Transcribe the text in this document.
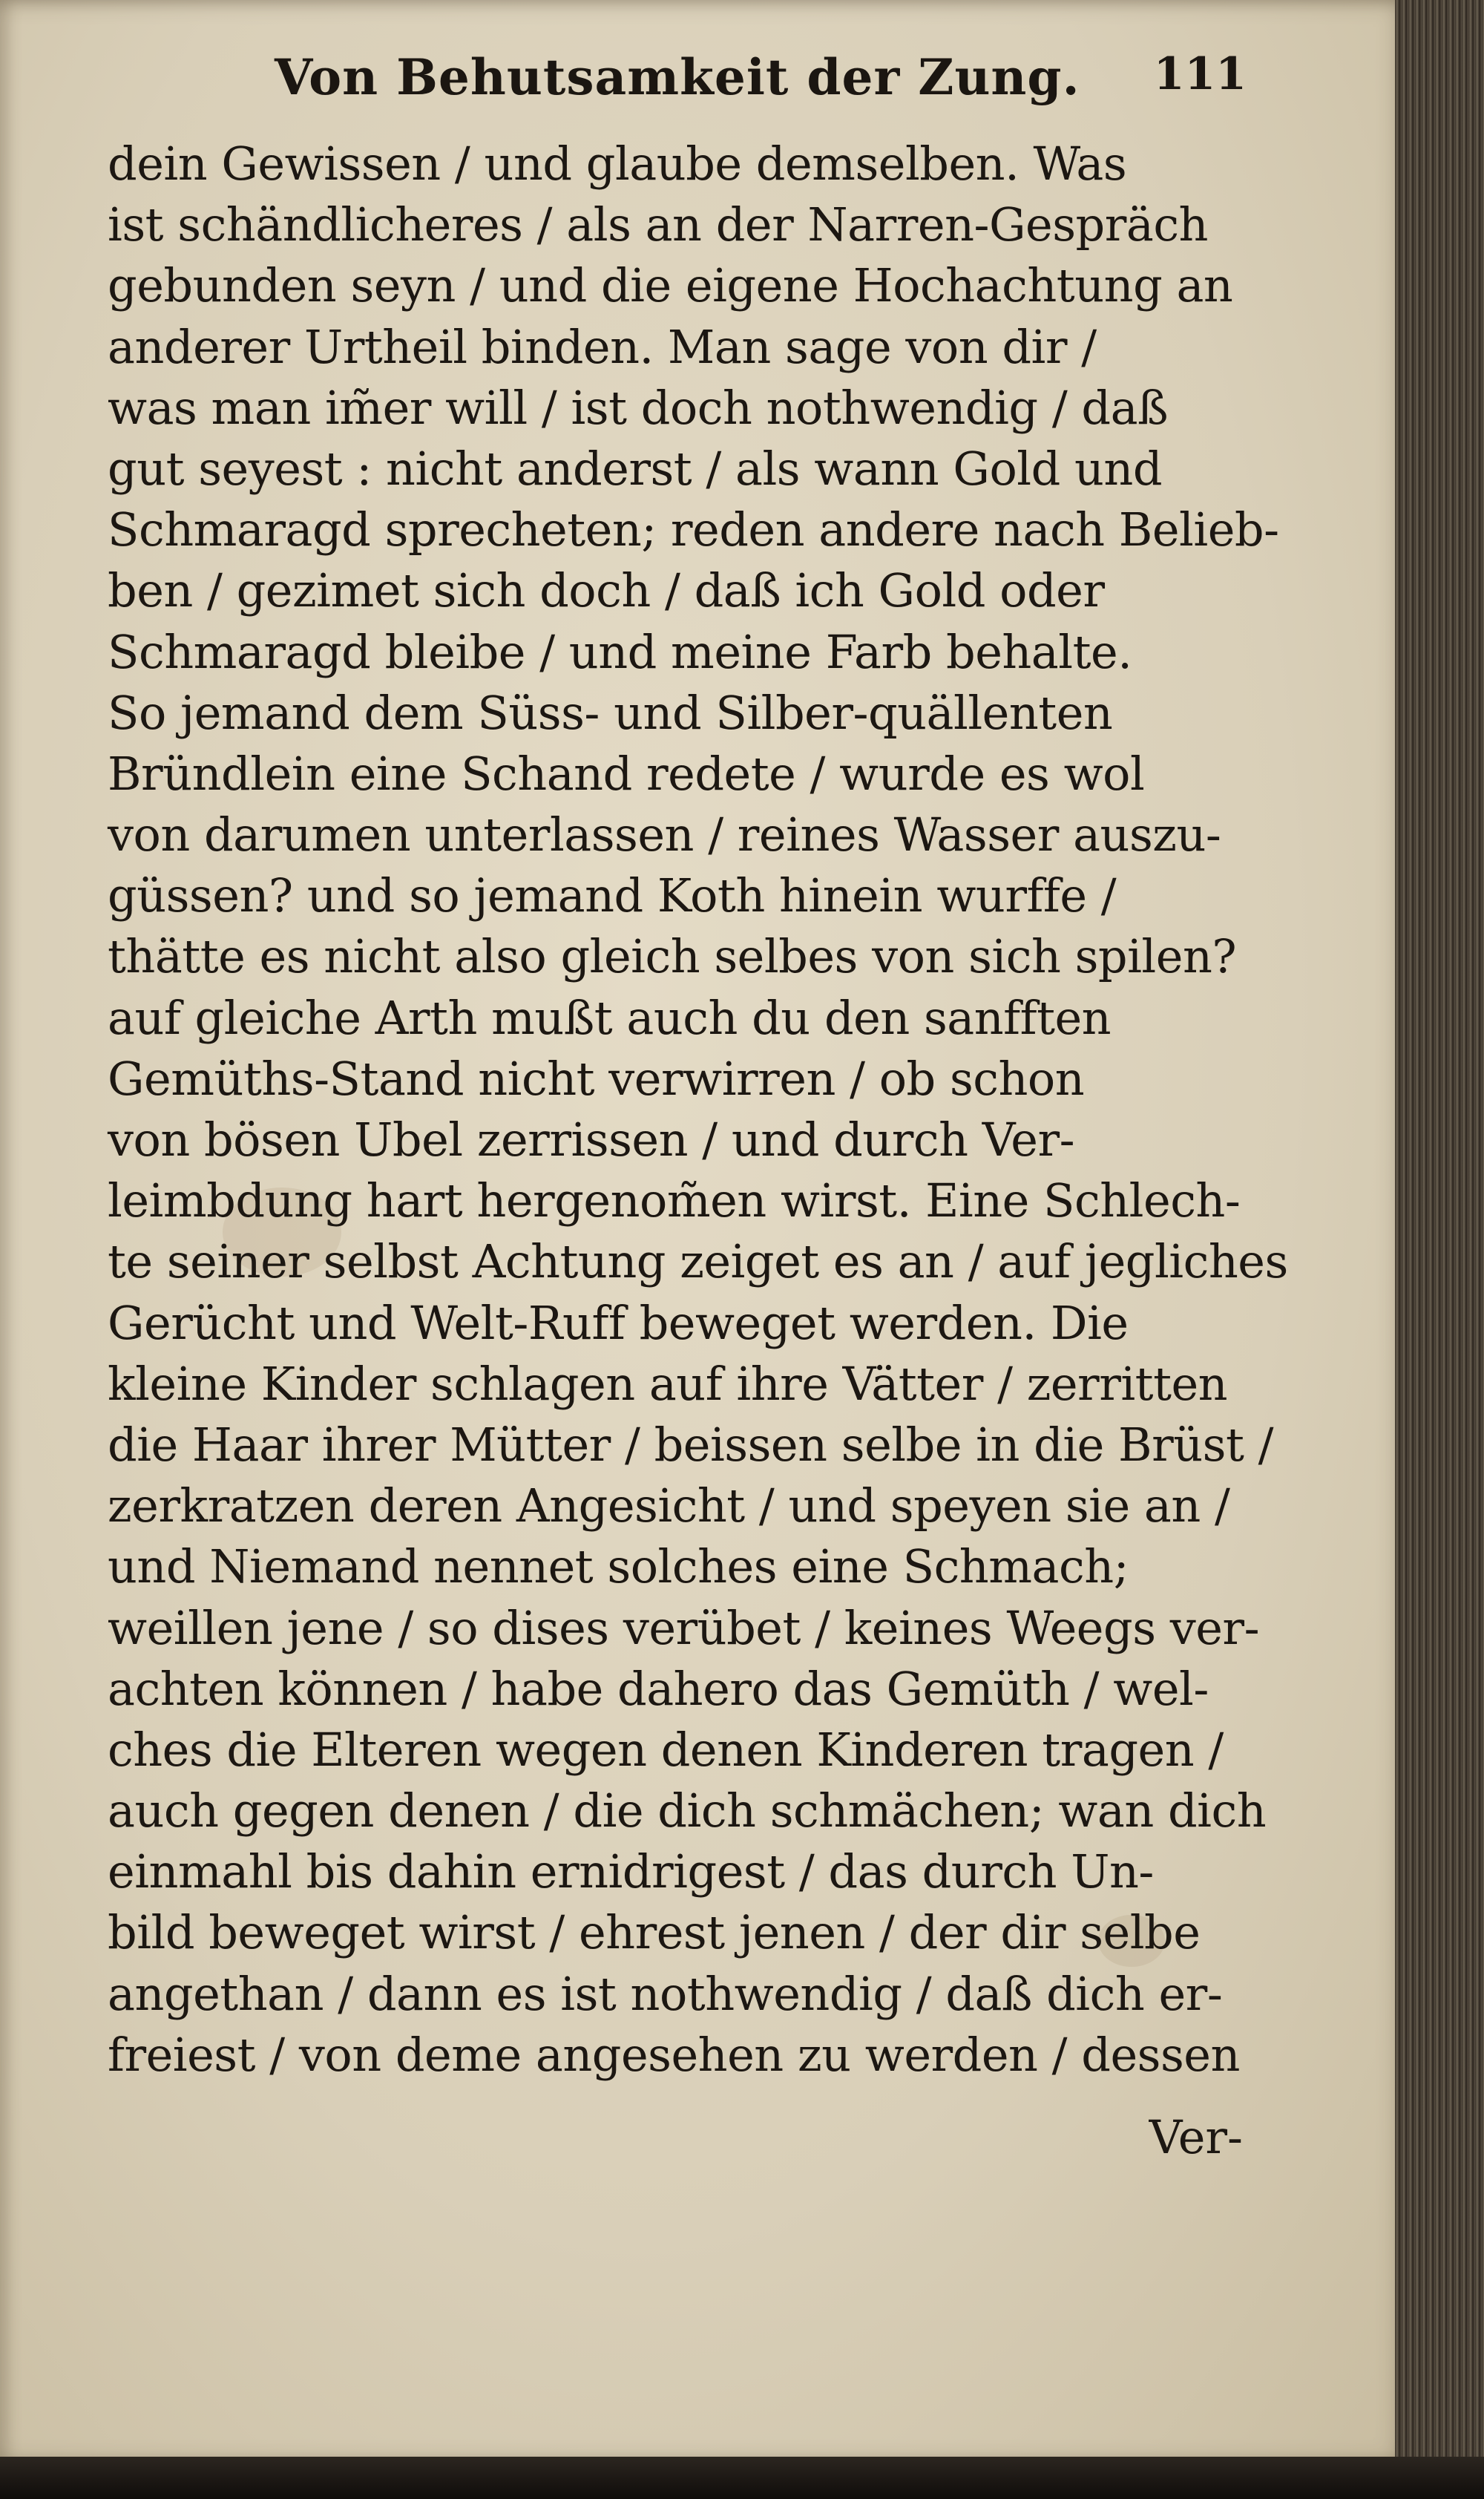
Von Behutsamkeit der Zung. 111
dein Gewissen / und glaube demselben. Was
ist schändlicheres / als an der Narren-Gespräch
gebunden seyn / und die eigene Hochachtung an
anderer Urtheil binden. Man sage von dir /
was man im̃er will / ist doch nothwendig / daß
gut seyest : nicht anderst / als wann Gold und
Schmaragd sprecheten; reden andere nach Belieb-
ben / gezimet sich doch / daß ich Gold oder
Schmaragd bleibe / und meine Farb behalte.
So jemand dem Süss- und Silber-quällenten
Bründlein eine Schand redete / wurde es wol
von darumen unterlassen / reines Wasser auszu-
güssen? und so jemand Koth hinein wurffe /
thätte es nicht also gleich selbes von sich spilen?
auf gleiche Arth mußt auch du den sanfften
Gemüths-Stand nicht verwirren / ob schon
von bösen Ubel zerrissen / und durch Ver-
leimbdung hart hergenom̃en wirst. Eine Schlech-
te seiner selbst Achtung zeiget es an / auf jegliches
Gerücht und Welt-Ruff beweget werden. Die
kleine Kinder schlagen auf ihre Vätter / zerritten
die Haar ihrer Mütter / beissen selbe in die Brüst /
zerkratzen deren Angesicht / und speyen sie an /
und Niemand nennet solches eine Schmach;
weillen jene / so dises verübet / keines Weegs ver-
achten können / habe dahero das Gemüth / wel-
ches die Elteren wegen denen Kinderen tragen /
auch gegen denen / die dich schmächen; wan dich
einmahl bis dahin ernidrigest / das durch Un-
bild beweget wirst / ehrest jenen / der dir selbe
angethan / dann es ist nothwendig / daß dich er-
freiest / von deme angesehen zu werden / dessen
Ver-
